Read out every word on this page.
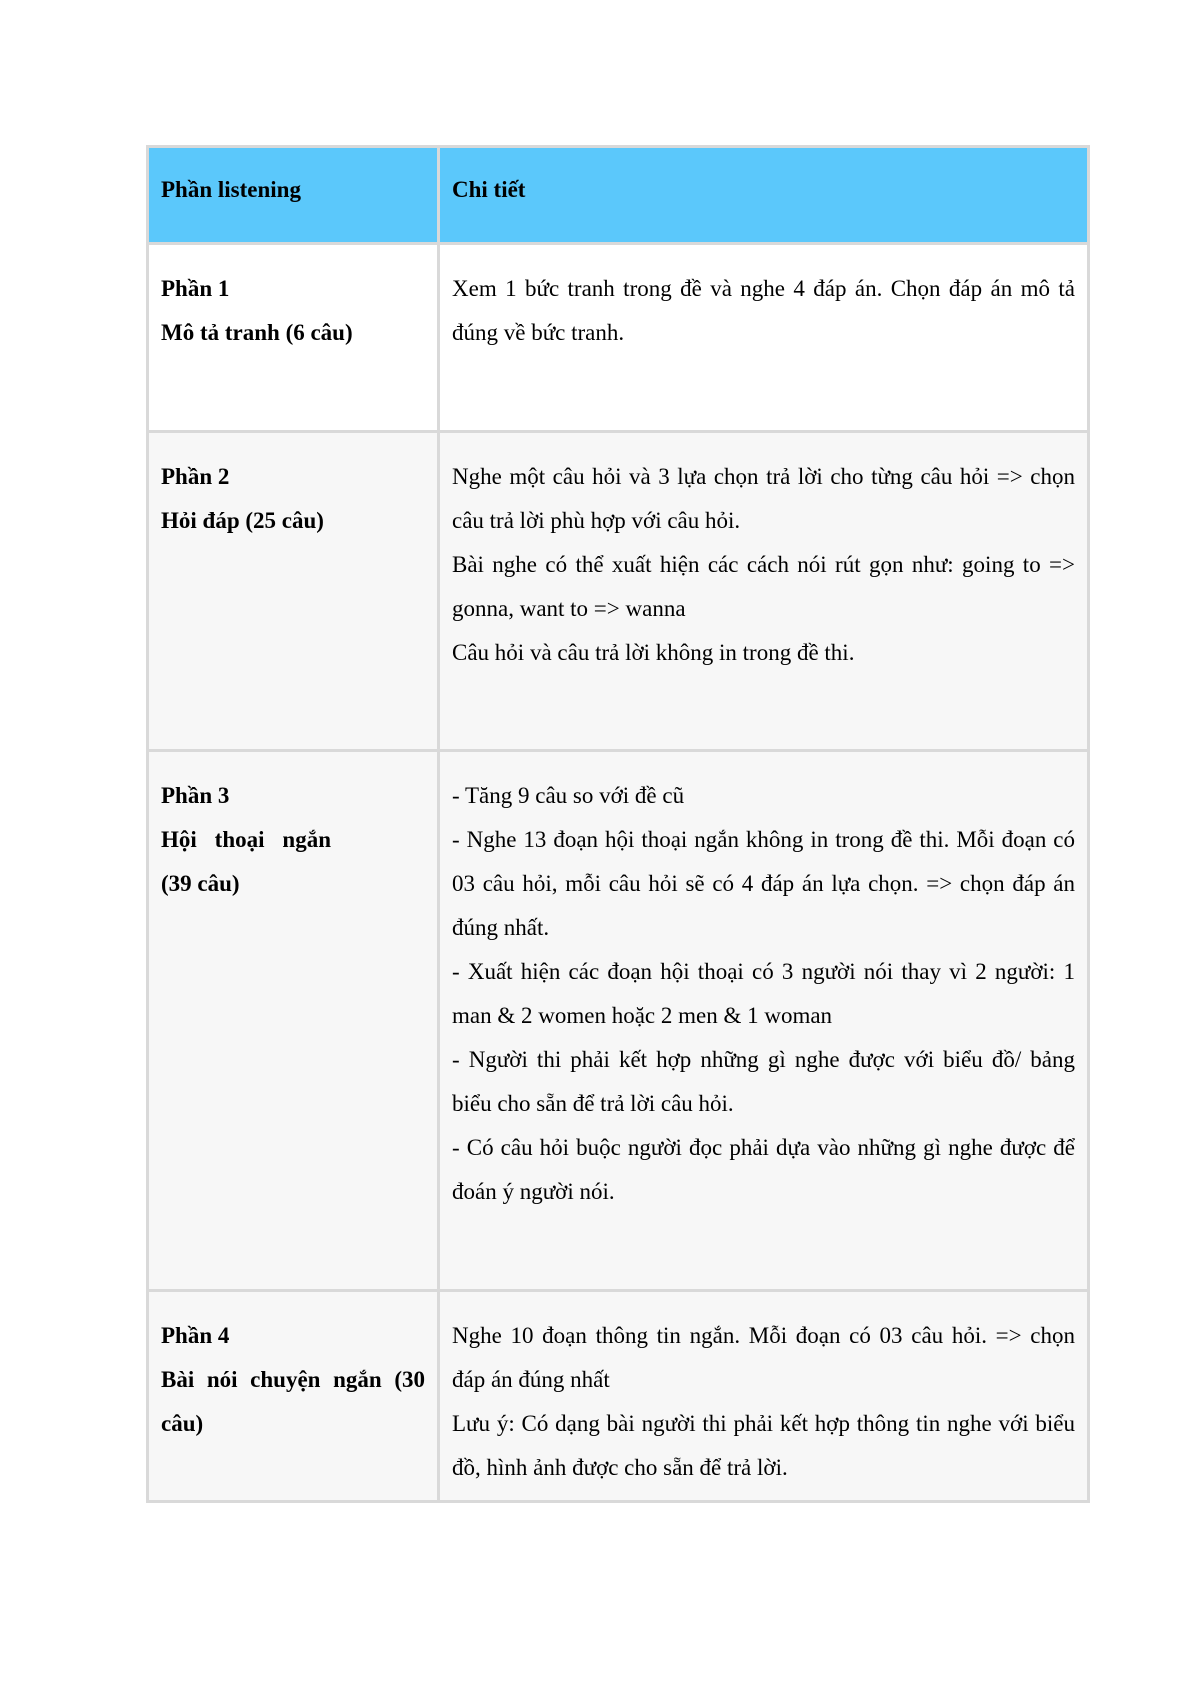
Phần listening	Chi tiết

Phần 1
Mô tả tranh (6 câu)	Xem 1 bức tranh trong đề và nghe 4 đáp án. Chọn đáp án mô tả đúng về bức tranh.

Phần 2
Hỏi đáp (25 câu)	Nghe một câu hỏi và 3 lựa chọn trả lời cho từng câu hỏi => chọn câu trả lời phù hợp với câu hỏi.
Bài nghe có thể xuất hiện các cách nói rút gọn như: going to => gonna, want to => wanna
Câu hỏi và câu trả lời không in trong đề thi.

Phần 3
Hội thoại ngắn (39 câu)	- Tăng 9 câu so với đề cũ
- Nghe 13 đoạn hội thoại ngắn không in trong đề thi. Mỗi đoạn có 03 câu hỏi, mỗi câu hỏi sẽ có 4 đáp án lựa chọn. => chọn đáp án đúng nhất.
- Xuất hiện các đoạn hội thoại có 3 người nói thay vì 2 người: 1 man & 2 women hoặc 2 men & 1 woman
- Người thi phải kết hợp những gì nghe được với biểu đồ/ bảng biểu cho sẵn để trả lời câu hỏi.
- Có câu hỏi buộc người đọc phải dựa vào những gì nghe được để đoán ý người nói.

Phần 4
Bài nói chuyện ngắn (30 câu)	Nghe 10 đoạn thông tin ngắn. Mỗi đoạn có 03 câu hỏi. => chọn đáp án đúng nhất
Lưu ý: Có dạng bài người thi phải kết hợp thông tin nghe với biểu đồ, hình ảnh được cho sẵn để trả lời.
